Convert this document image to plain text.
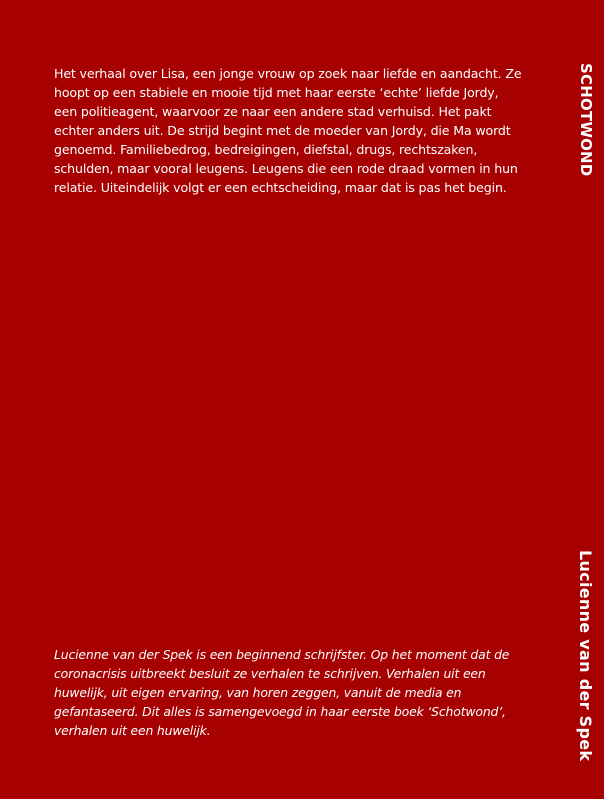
Het verhaal over Lisa, een jonge vrouw op zoek naar liefde en aandacht. Ze hoopt op een stabiele en mooie tijd met haar eerste ‘echte’ liefde Jordy, een politieagent, waarvoor ze naar een andere stad verhuisd. Het pakt echter anders uit. De strijd begint met de moeder van Jordy, die Ma wordt genoemd. Familiebedrog, bedreigingen, diefstal, drugs, rechtszaken, schulden, maar vooral leugens. Leugens die een rode draad vormen in hun relatie. Uiteindelijk volgt er een echtscheiding, maar dat is pas het begin.

SCHOTWOND
Lucienne van der Spek

Lucienne van der Spek is een beginnend schrijfster. Op het moment dat de coronacrisis uitbreekt besluit ze verhalen te schrijven. Verhalen uit een huwelijk, uit eigen ervaring, van horen zeggen, vanuit de media en gefantaseerd. Dit alles is samengevoegd in haar eerste boek ‘Schotwond’, verhalen uit een huwelijk.
